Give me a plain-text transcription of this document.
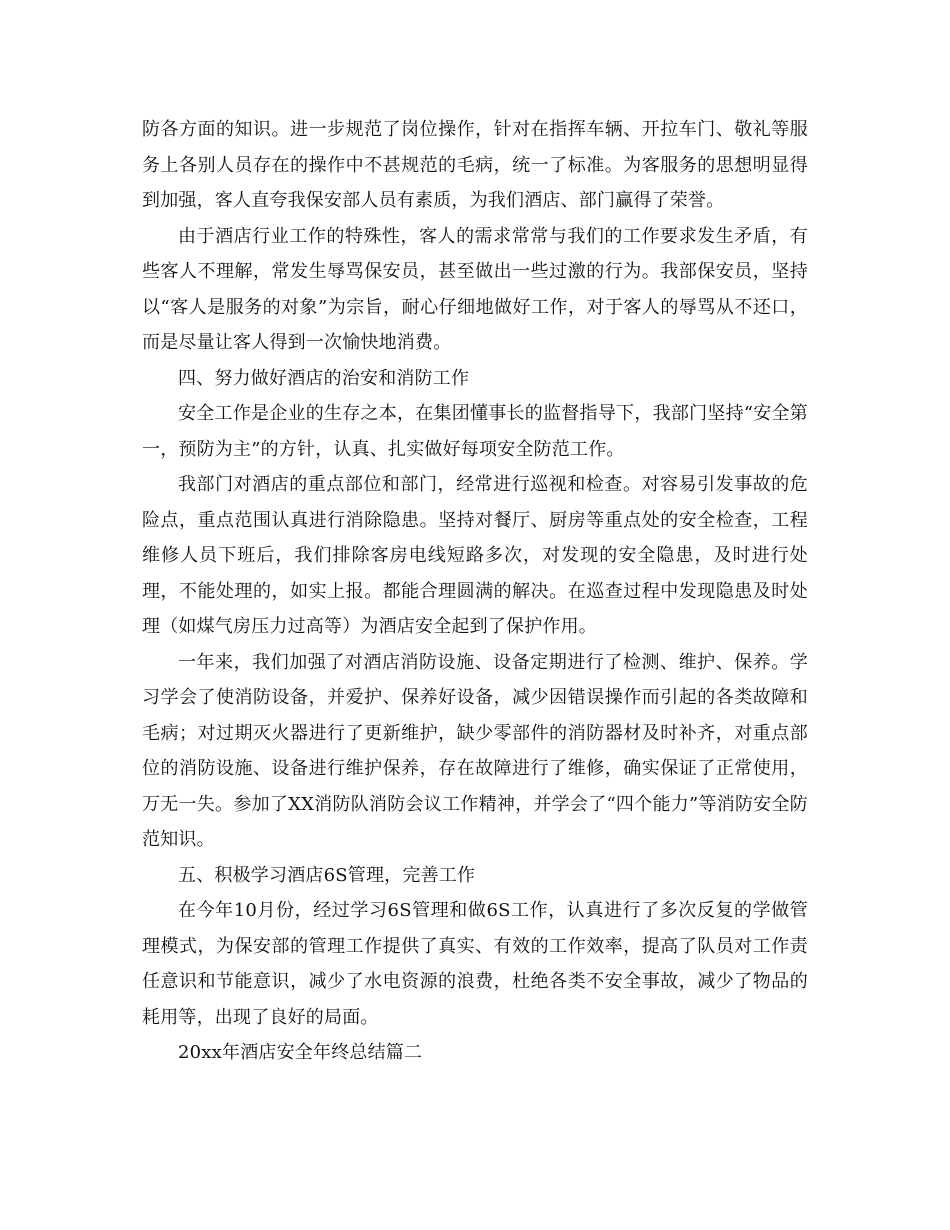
防各方面的知识。进一步规范了岗位操作，针对在指挥车辆、开拉车门、敬礼等服务上各别人员存在的操作中不甚规范的毛病，统一了标准。为客服务的思想明显得到加强，客人直夸我保安部人员有素质，为我们酒店、部门赢得了荣誉。

由于酒店行业工作的特殊性，客人的需求常常与我们的工作要求发生矛盾，有些客人不理解，常发生辱骂保安员，甚至做出一些过激的行为。我部保安员，坚持以“客人是服务的对象”为宗旨，耐心仔细地做好工作，对于客人的辱骂从不还口，而是尽量让客人得到一次愉快地消费。

四、努力做好酒店的治安和消防工作

安全工作是企业的生存之本，在集团懂事长的监督指导下，我部门坚持“安全第一，预防为主”的方针，认真、扎实做好每项安全防范工作。

我部门对酒店的重点部位和部门，经常进行巡视和检查。对容易引发事故的危险点，重点范围认真进行消除隐患。坚持对餐厅、厨房等重点处的安全检查，工程维修人员下班后，我们排除客房电线短路多次，对发现的安全隐患，及时进行处理，不能处理的，如实上报。都能合理圆满的解决。在巡查过程中发现隐患及时处理（如煤气房压力过高等）为酒店安全起到了保护作用。

一年来，我们加强了对酒店消防设施、设备定期进行了检测、维护、保养。学习学会了使消防设备，并爱护、保养好设备，减少因错误操作而引起的各类故障和毛病；对过期灭火器进行了更新维护，缺少零部件的消防器材及时补齐，对重点部位的消防设施、设备进行维护保养，存在故障进行了维修，确实保证了正常使用，万无一失。参加了XX消防队消防会议工作精神，并学会了“四个能力”等消防安全防范知识。

五、积极学习酒店6S管理，完善工作

在今年10月份，经过学习6S管理和做6S工作，认真进行了多次反复的学做管理模式，为保安部的管理工作提供了真实、有效的工作效率，提高了队员对工作责任意识和节能意识，减少了水电资源的浪费，杜绝各类不安全事故，减少了物品的耗用等，出现了良好的局面。

20xx年酒店安全年终总结篇二
